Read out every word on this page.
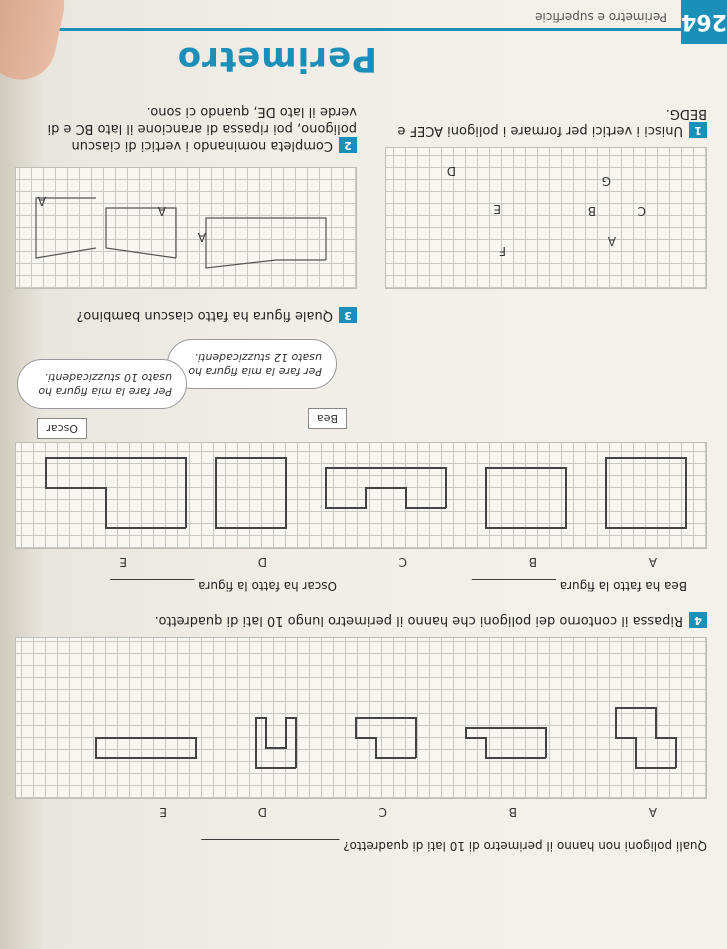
264
Perimetro e superficie
Perimetro
1Unisci i vertici per formare i poligoni ACEF e BEDG.
A
F
C
B
E
G
D
2Completa nominando i vertici di ciascun poligono, poi ripassa di arancione il lato BC e di verde il lato DE, quando ci sono.
A
A
A
3Quale figura ha fatto ciascun bambino?
Per fare la mia figura ho usato 12 stuzzicadenti.
Bea
Per fare la mia figura ho usato 10 stuzzicadenti.
Oscar
A
B
C
D
E
Bea ha fatto la figura ______________
Oscar ha fatto la figura ______________
4Ripassa il contorno dei poligoni che hanno il perimetro lungo 10 lati di quadretto.
A
B
C
D
E
Quali poligoni non hanno il perimetro di 10 lati di quadretto? _______________________
